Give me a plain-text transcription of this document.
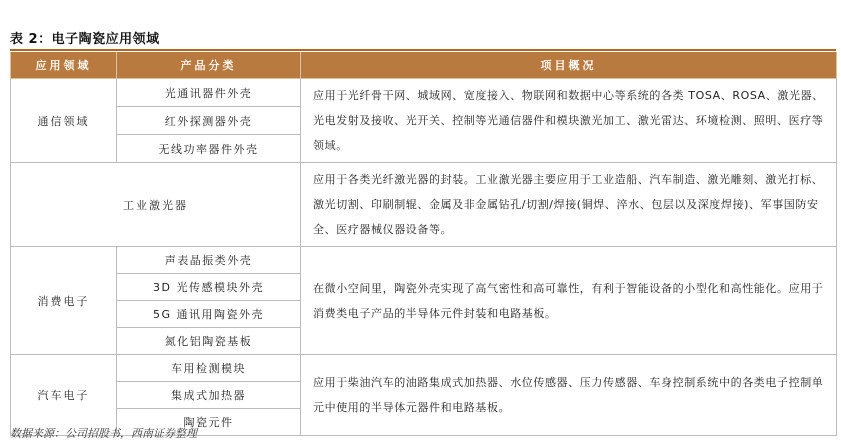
表 2：电子陶瓷应用领域
应用领域	产品分类	项目概况
通信领域	光通讯器件外壳	应用于光纤骨干网、城域网、宽度接入、物联网和数据中心等系统的各类 TOSA、ROSA、激光器、光电发射及接收、光开关、控制等光通信器件和模块激光加工、激光雷达、环境检测、照明、医疗等领域。
	红外探测器外壳	
	无线功率器件外壳	
工业激光器		应用于各类光纤激光器的封装。工业激光器主要应用于工业造船、汽车制造、激光雕刻、激光打标、激光切割、印刷制辊、金属及非金属钻孔/切割/焊接(铜焊、淬水、包层以及深度焊接)、军事国防安全、医疗器械仪器设备等。
消费电子	声表晶振类外壳	在微小空间里，陶瓷外壳实现了高气密性和高可靠性，有利于智能设备的小型化和高性能化。应用于消费类电子产品的半导体元件封装和电路基板。
	3D 光传感模块外壳	
	5G 通讯用陶瓷外壳	
	氮化铝陶瓷基板	
汽车电子	车用检测模块	应用于柴油汽车的油路集成式加热器、水位传感器、压力传感器、车身控制系统中的各类电子控制单元中使用的半导体元器件和电路基板。
	集成式加热器	
	陶瓷元件	
数据来源：公司招股书，西南证券整理
